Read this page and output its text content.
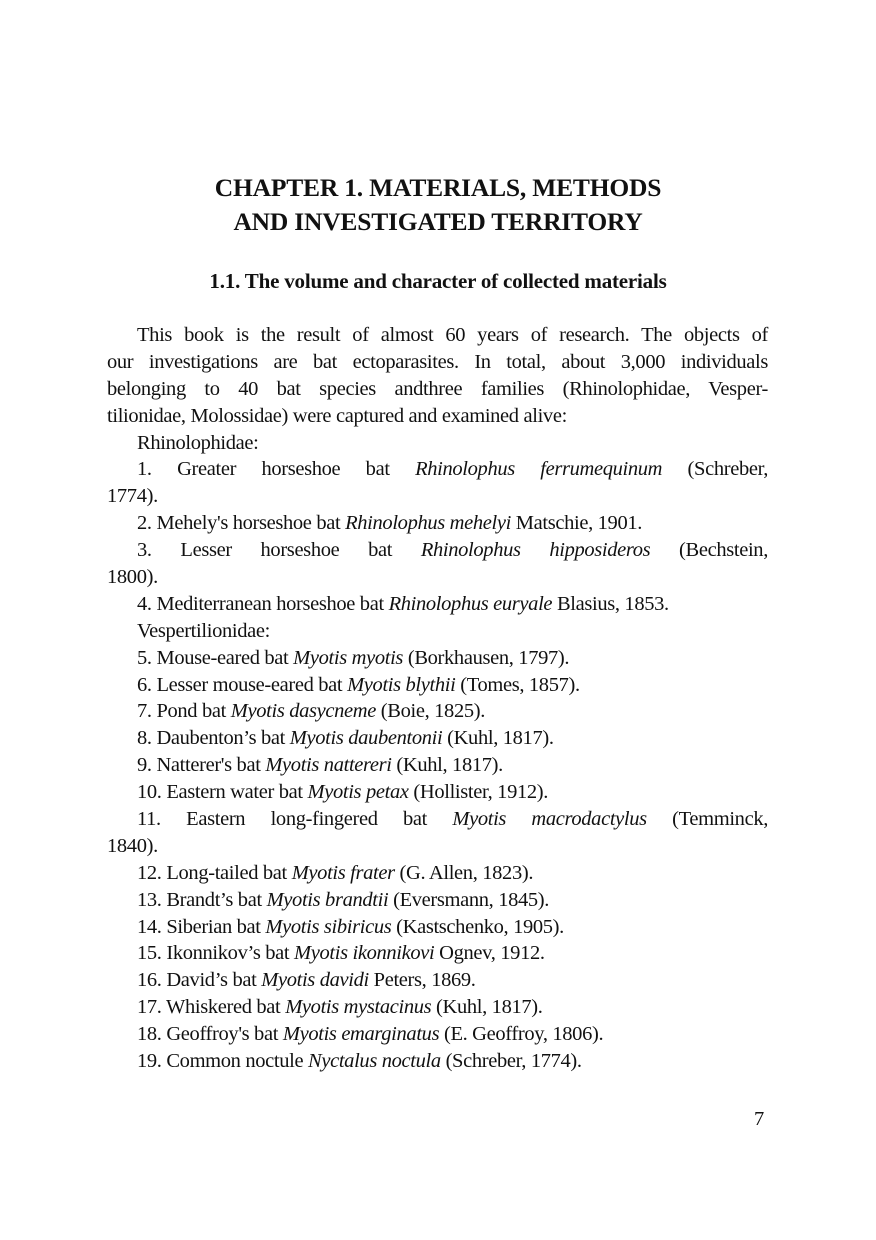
CHAPTER 1. MATERIALS, METHODS
AND INVESTIGATED TERRITORY
1.1. The volume and character of collected materials
This book is the result of almost 60 years of research. The objects of
our investigations are bat ectoparasites. In total, about 3,000 individuals
belonging to 40 bat species andthree families (Rhinolophidae, Vesper-
tilionidae, Molossidae) were captured and examined alive:
Rhinolophidae:
1. Greater horseshoe bat Rhinolophus ferrumequinum (Schreber,
1774).
2. Mehely's horseshoe bat Rhinolophus mehelyi Matschie, 1901.
3. Lesser horseshoe bat Rhinolophus hipposideros (Bechstein,
1800).
4. Mediterranean horseshoe bat Rhinolophus euryale Blasius, 1853.
Vespertilionidae:
5. Mouse-eared bat Myotis myotis (Borkhausen, 1797).
6. Lesser mouse-eared bat Myotis blythii (Tomes, 1857).
7. Pond bat Myotis dasycneme (Boie, 1825).
8. Daubenton’s bat Myotis daubentonii (Kuhl, 1817).
9. Natterer's bat Myotis nattereri (Kuhl, 1817).
10. Eastern water bat Myotis petax (Hollister, 1912).
11. Eastern long-fingered bat Myotis macrodactylus (Temminck,
1840).
12. Long-tailed bat Myotis frater (G. Allen, 1823).
13. Brandt’s bat Myotis brandtii (Eversmann, 1845).
14. Siberian bat Myotis sibiricus (Kastschenko, 1905).
15. Ikonnikov’s bat Myotis ikonnikovi Ognev, 1912.
16. David’s bat Myotis davidi Peters, 1869.
17. Whiskered bat Myotis mystacinus (Kuhl, 1817).
18. Geoffroy's bat Myotis emarginatus (E. Geoffroy, 1806).
19. Common noctule Nyctalus noctula (Schreber, 1774).
7
